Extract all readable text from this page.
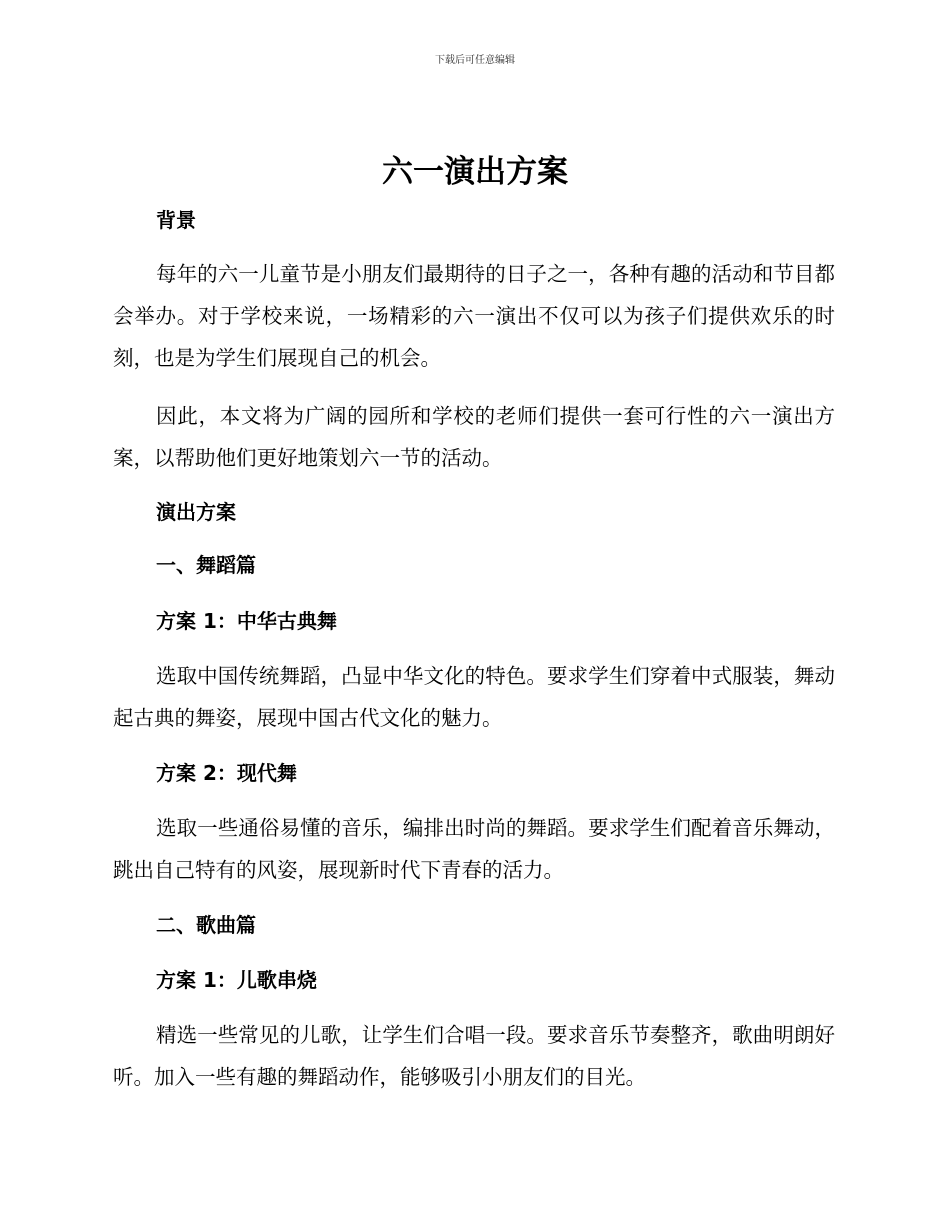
下载后可任意编辑
六一演出方案
背景

每年的六一儿童节是小朋友们最期待的日子之一，各种有趣的活动和节目都会举办。对于学校来说，一场精彩的六一演出不仅可以为孩子们提供欢乐的时刻，也是为学生们展现自己的机会。

因此，本文将为广阔的园所和学校的老师们提供一套可行性的六一演出方案，以帮助他们更好地策划六一节的活动。

演出方案
一、舞蹈篇
方案 1：中华古典舞

选取中国传统舞蹈，凸显中华文化的特色。要求学生们穿着中式服装，舞动起古典的舞姿，展现中国古代文化的魅力。

方案 2：现代舞

选取一些通俗易懂的音乐，编排出时尚的舞蹈。要求学生们配着音乐舞动，跳出自己特有的风姿，展现新时代下青春的活力。

二、歌曲篇
方案 1：儿歌串烧

精选一些常见的儿歌，让学生们合唱一段。要求音乐节奏整齐，歌曲明朗好听。加入一些有趣的舞蹈动作，能够吸引小朋友们的目光。
